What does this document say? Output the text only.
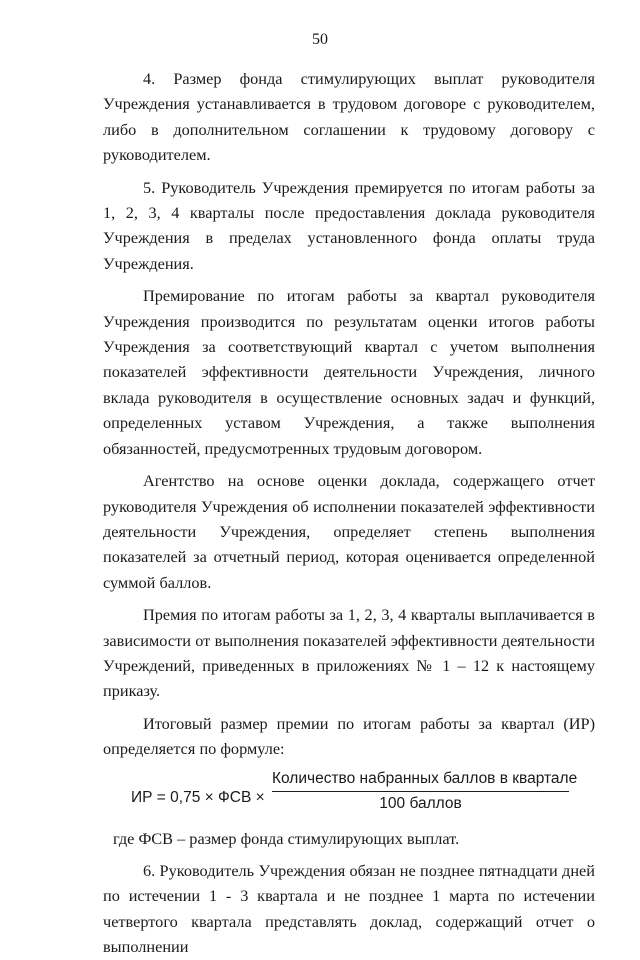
50

4. Размер фонда стимулирующих выплат руководителя Учреждения устанавливается в трудовом договоре с руководителем, либо в дополнительном соглашении к трудовому договору с руководителем.

5. Руководитель Учреждения премируется по итогам работы за 1, 2, 3, 4 кварталы после предоставления доклада руководителя Учреждения в пределах установленного фонда оплаты труда Учреждения.

Премирование по итогам работы за квартал руководителя Учреждения производится по результатам оценки итогов работы Учреждения за соответствующий квартал с учетом выполнения показателей эффективности деятельности Учреждения, личного вклада руководителя в осуществление основных задач и функций, определенных уставом Учреждения, а также выполнения обязанностей, предусмотренных трудовым договором.

Агентство на основе оценки доклада, содержащего отчет руководителя Учреждения об исполнении показателей эффективности деятельности Учреждения, определяет степень выполнения показателей за отчетный период, которая оценивается определенной суммой баллов.

Премия по итогам работы за 1, 2, 3, 4 кварталы выплачивается в зависимости от выполнения показателей эффективности деятельности Учреждений, приведенных в приложениях № 1 – 12 к настоящему приказу.

Итоговый размер премии по итогам работы за квартал (ИР) определяется по формуле:

ИР = 0,75 × ФСВ ×
Количество набранных баллов в квартале
100 баллов

где ФСВ – размер фонда стимулирующих выплат.

6. Руководитель Учреждения обязан не позднее пятнадцати дней по истечении 1 - 3 квартала и не позднее 1 марта по истечении четвертого квартала представлять доклад, содержащий отчет о выполнении
